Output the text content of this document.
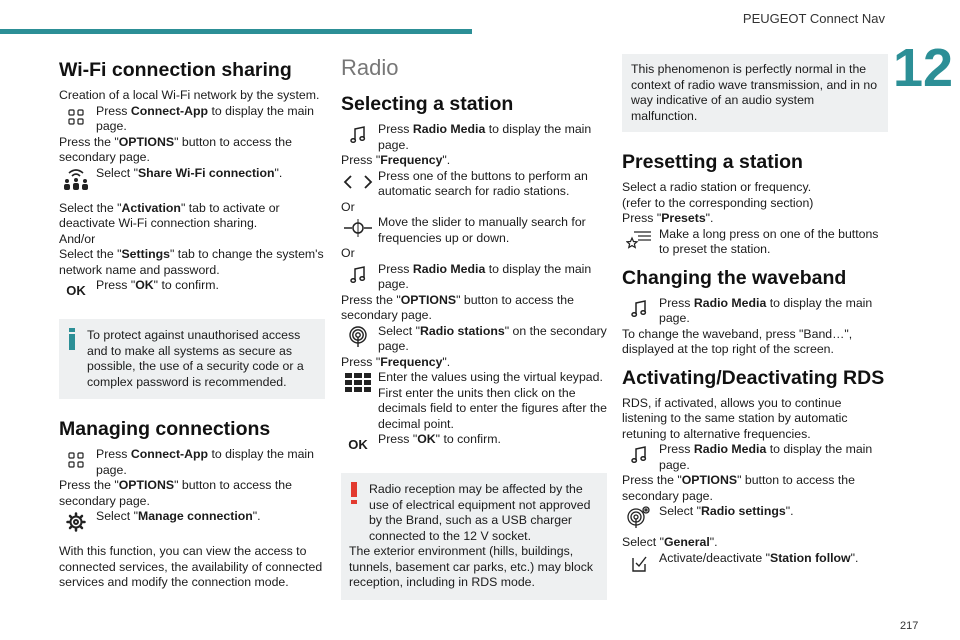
PEUGEOT Connect Nav
12
217
Wi-Fi connection sharing

Creation of a local Wi-Fi network by the system.

Press Connect-App to display the main page.

Press the "OPTIONS" button to access the secondary page.

Select "Share Wi-Fi connection".

Select the "Activation" tab to activate or deactivate Wi-Fi connection sharing.

And/or

Select the "Settings" tab to change the system's network name and password.

OK Press "OK" to confirm.

To protect against unauthorised access and to make all systems as secure as possible, the use of a security code or a complex password is recommended.

Managing connections
Press Connect-App to display the main page.

Press the "OPTIONS" button to access the secondary page.

Select "Manage connection".

With this function, you can view the access to connected services, the availability of connected services and modify the connection mode.

Radio
Selecting a station
Press Radio Media to display the main page.

Press "Frequency".

Press one of the buttons to perform an automatic search for radio stations.

Or

Move the slider to manually search for frequencies up or down.

Or

Press Radio Media to display the main page.

Press the "OPTIONS" button to access the secondary page.

Select "Radio stations" on the secondary page.

Press "Frequency".

Enter the values using the virtual keypad. First enter the units then click on the decimals field to enter the figures after the decimal point.
OK Press "OK" to confirm.

Radio reception may be affected by the use of electrical equipment not approved by the Brand, such as a USB charger connected to the 12 V socket.

The exterior environment (hills, buildings, tunnels, basement car parks, etc.) may block reception, including in RDS mode.

This phenomenon is perfectly normal in the context of radio wave transmission, and in no way indicative of an audio system malfunction.

Presetting a station

Select a radio station or frequency.

(refer to the corresponding section)

Press "Presets".

Make a long press on one of the buttons to preset the station.
Changing the waveband
Press Radio Media to display the main page.

To change the waveband, press "Band…", displayed at the top right of the screen.

Activating/Deactivating RDS

RDS, if activated, allows you to continue listening to the same station by automatic retuning to alternative frequencies.

Press Radio Media to display the main page.

Press the "OPTIONS" button to access the secondary page.

Select "Radio settings".

Select "General".

Activate/deactivate "Station follow".
